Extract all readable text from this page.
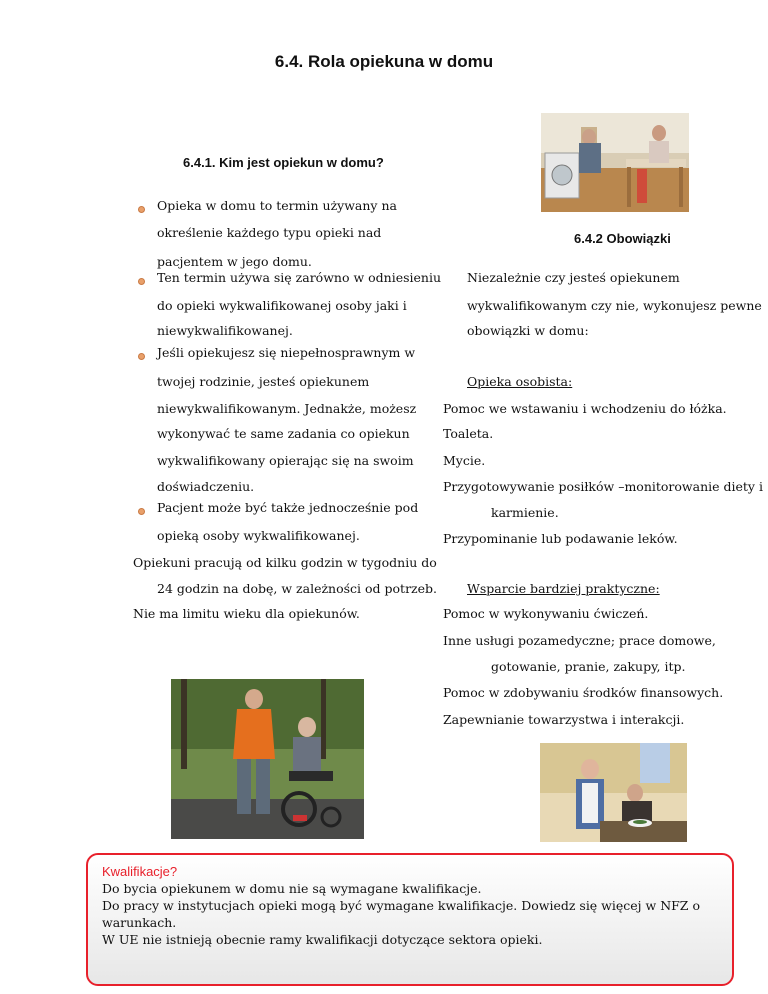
6.4. Rola opiekuna w domu
6.4.1. Kim jest opiekun w domu?
6.4.2 Obowiązki
Opieka w domu to termin używany na
określenie każdego typu opieki nad
pacjentem w jego domu.
Ten termin używa się zarówno w odniesieniu
do opieki wykwalifikowanej osoby jaki i
niewykwalifikowanej.
Jeśli opiekujesz się niepełnosprawnym w
twojej rodzinie, jesteś opiekunem
niewykwalifikowanym. Jednakże, możesz
wykonywać te same zadania co opiekun
wykwalifikowany opierając się na swoim
doświadczeniu.
Pacjent może być także jednocześnie pod
opieką osoby wykwalifikowanej.
Opiekuni pracują od kilku godzin w tygodniu do
24 godzin na dobę, w zależności od potrzeb.
Nie ma limitu wieku dla opiekunów.
Niezależnie czy jesteś opiekunem
wykwalifikowanym czy nie, wykonujesz pewne
obowiązki w domu:
Opieka osobista:
Pomoc we wstawaniu i wchodzeniu do łóżka.
Toaleta.
Mycie.
Przygotowywanie posiłków –monitorowanie diety i
karmienie.
Przypominanie lub podawanie leków.
Wsparcie bardziej praktyczne:
Pomoc w wykonywaniu ćwiczeń.
Inne usługi pozamedyczne; prace domowe,
gotowanie, pranie, zakupy, itp.
Pomoc w zdobywaniu środków finansowych.
Zapewnianie towarzystwa i interakcji.
Kwalifikacje?
Do bycia opiekunem w domu nie są wymagane kwalifikacje.
Do pracy w instytucjach opieki mogą być wymagane kwalifikacje. Dowiedz się więcej w NFZ o
warunkach.
W UE nie istnieją obecnie ramy kwalifikacji dotyczące sektora opieki.
